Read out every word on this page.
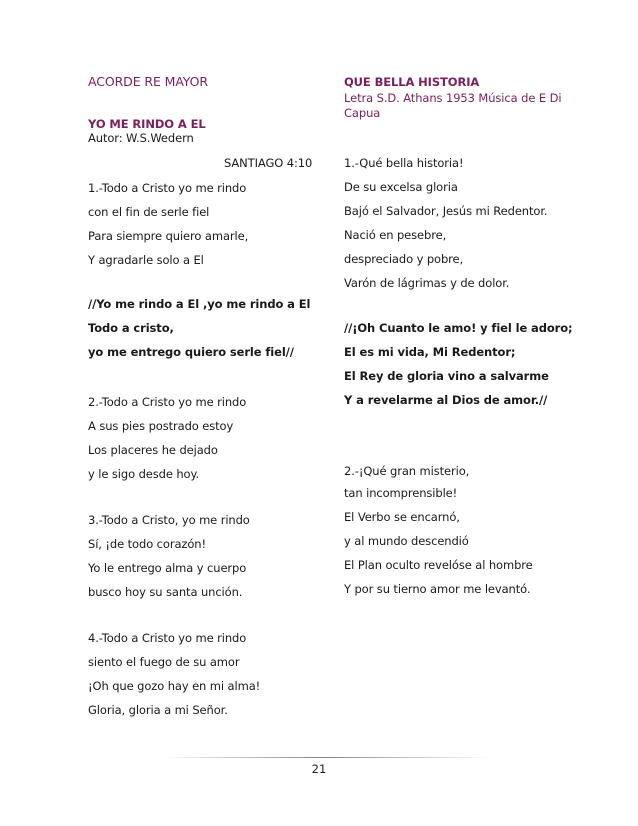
ACORDE RE MAYOR
YO ME RINDO A EL
Autor: W.S.Wedern
SANTIAGO 4:10
1.-Todo a Cristo yo me rindo
con el fin de serle fiel
Para siempre quiero amarle,
Y agradarle solo a El
//Yo me rindo a El ,yo me rindo a El
Todo a cristo,
yo me entrego quiero serle fiel//
2.-Todo a Cristo yo me rindo
A sus pies postrado estoy
Los placeres he dejado
y le sigo desde hoy.
3.-Todo a Cristo, yo me rindo
Sí, ¡de todo corazón!
Yo le entrego alma y cuerpo
busco hoy su santa unción.
4.-Todo a Cristo yo me rindo
siento el fuego de su amor
¡Oh que gozo hay en mi alma!
Gloria, gloria a mi Señor.
QUE BELLA HISTORIA
Letra S.D. Athans 1953 Música de E Di
Capua
1.-Qué bella historia!
De su excelsa gloria
Bajó el Salvador, Jesús mi Redentor.
Nació en pesebre,
despreciado y pobre,
Varón de lágrimas y de dolor.
//¡Oh Cuanto le amo! y fiel le adoro;
El es mi vida, Mi Redentor;
El Rey de gloria vino a salvarme
Y a revelarme al Dios de amor.//
2.-¡Qué gran misterio,
tan incomprensible!
El Verbo se encarnó,
y al mundo descendió
El Plan oculto revelóse al hombre
Y por su tierno amor me levantó.
21
